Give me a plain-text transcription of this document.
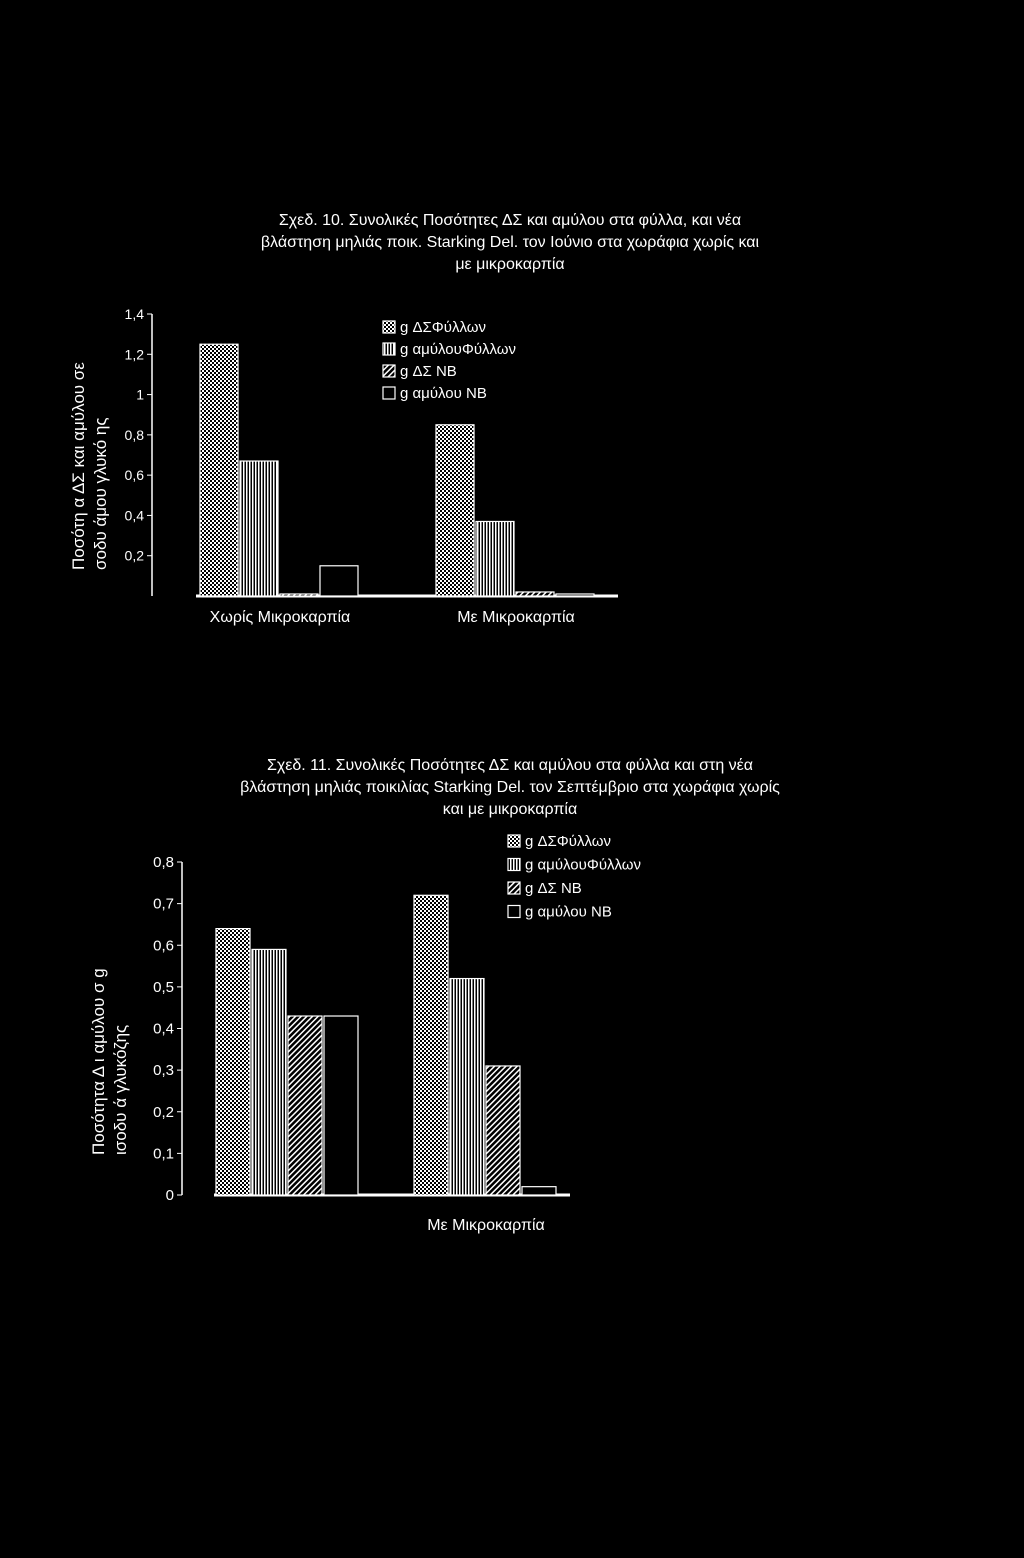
Σχεδ. 10. Συνολικές Ποσότητες ΔΣ και αμύλου στα φύλλα, και νέα
βλάστηση μηλιάς ποικ. Starking Del. τον Ιούνιο στα χωράφια χωρίς και
με μικροκαρπία
Ποσότη α ΔΣ και αμύλου σε σοδυ άμου γλυκό ης
1,4
1,2
1
0,8
0,6
0,4
0,2
Χωρίς Μικροκαρπία	Με Μικροκαρπία
g ΔΣΦύλλων
g αμύλουΦύλλων
g ΔΣ ΝΒ
g αμύλου ΝΒ
Σχεδ. 11. Συνολικές Ποσότητες ΔΣ και αμύλου στα φύλλα και στη νέα
βλάστηση μηλιάς ποικιλίας Starking Del. τον Σεπτέμβριο στα χωράφια χωρίς
και με μικροκαρπία
Ποσότητα Δ ι αμύλου σ g ισοδυ ά γλυκόζης
0,8
0,7
0,6
0,5
0,4
0,3
0,2
0,1
0
Με Μικροκαρπία
g ΔΣΦύλλων
g αμύλουΦύλλων
g ΔΣ ΝΒ
g αμύλου ΝΒ
